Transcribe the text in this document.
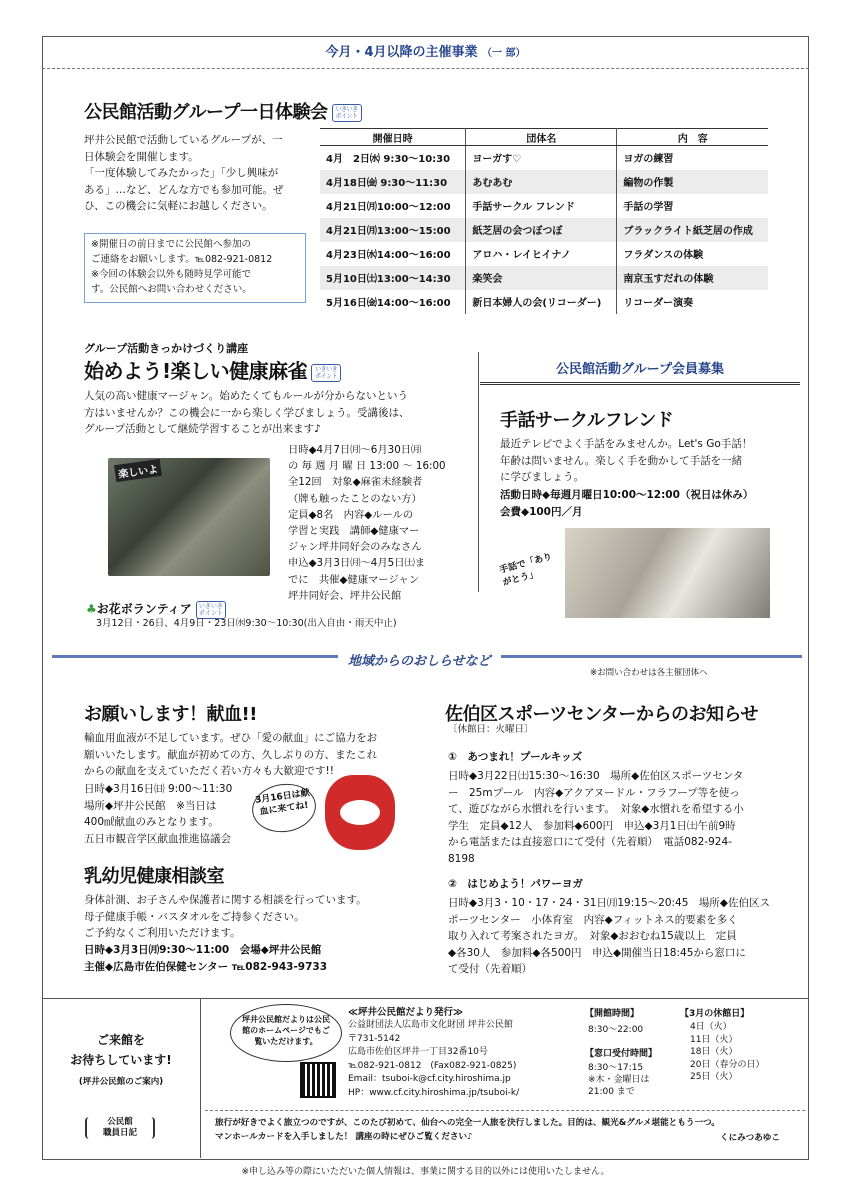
今月・4月以降の主催事業 （一 部）
公民館活動グループ一日体験会 いきいきポイント
坪井公民館で活動しているグループが、一
日体験会を開催します。
「一度体験してみたかった」「少し興味が
ある」…など、どんな方でも参加可能。ぜ
ひ、この機会に気軽にお越しください。
※開催日の前日までに公民館へ参加の
ご連絡をお願いします。℡082-921-0812
※今回の体験会以外も随時見学可能で
す。公民館へお問い合わせください。
開催日時	団体名	内　容
4月　2日㈬ 9:30〜10:30	ヨーガす♡	ヨガの練習
4月18日㈮ 9:30〜11:30	あむあむ	編物の作製
4月21日㈪10:00〜12:00	手話サークル フレンド	手話の学習
4月21日㈪13:00〜15:00	紙芝居の会つぼつぼ	ブラックライト紙芝居の作成
4月23日㈬14:00〜16:00	アロハ・レイヒイナノ	フラダンスの体験
5月10日㈯13:00〜14:30	楽笑会	南京玉すだれの体験
5月16日㈮14:00〜16:00	新日本婦人の会(リコーダー)	リコーダー演奏
グループ活動きっかけづくり講座
始めよう!楽しい健康麻雀 いきいきポイント
人気の高い健康マージャン。始めたくてもルールが分からないという
方はいませんか？この機会に一から楽しく学びましょう。受講後は、
グループ活動として継続学習することが出来ます♪
楽しいよ
日時◆4月7日㈪〜6月30日㈪
の 毎 週 月 曜 日 13:00 〜 16:00
全12回　対象◆麻雀未経験者
（牌も触ったことのない方）
定員◆8名　内容◆ルールの
学習と実践　講師◆健康マー
ジャン坪井同好会のみなさん
申込◆3月3日㈪〜4月5日㈯ま
でに　共催◆健康マージャン
坪井同好会、坪井公民館
♣お花ボランティア いきいきポイント
3月12日・26日、4月9日・23日㈬9:30〜10:30(出入自由・雨天中止)
公民館活動グループ会員募集
手話サークルフレンド
最近テレビでよく手話をみませんか。Let's Go手話！
年齢は問いません。楽しく手を動かして手話を一緒
に学びましょう。
活動日時◆毎週月曜日10:00〜12:00（祝日は休み）
会費◆100円／月
手話で「ありがとう」
地域からのおしらせなど
※お問い合わせは各主催団体へ
お願いします！献血!!
輸血用血液が不足しています。ぜひ「愛の献血」にご協力をお
願いいたします。献血が初めての方、久しぶりの方、またこれ
からの献血を支えていただく若い方々も大歓迎です!!
日時◆3月16日㈰ 9:00〜11:30
場所◆坪井公民館　※当日は
400㎖献血のみとなります。
五日市観音学区献血推進協議会
3月16日は献血に来てね!
乳幼児健康相談室
身体計測、お子さんや保護者に関する相談を行っています。
母子健康手帳・バスタオルをご持参ください。
ご予約なくご利用いただけます。
日時◆3月3日㈪9:30〜11:00　会場◆坪井公民館
主催◆広島市佐伯保健センター ℡082-943-9733
佐伯区スポーツセンターからのお知らせ
〔休館日：火曜日〕
①　あつまれ！プールキッズ
日時◆3月22日㈯15:30〜16:30　場所◆佐伯区スポーツセンタ
ー　25mプール　内容◆アクアヌードル・フラフープ等を使っ
て、遊びながら水慣れを行います。　対象◆水慣れを希望する小
学生　定員◆12人　参加料◆600円　申込◆3月1日㈯午前9時
から電話または直接窓口にて受付（先着順）　電話082-924-
8198
②　はじめよう！パワーヨガ
日時◆3月3・10・17・24・31日㈪19:15〜20:45　場所◆佐伯区ス
ポーツセンター　小体育室　内容◆フィットネス的要素を多く
取り入れて考案されたヨガ。　対象◆おおむね15歳以上　定員
◆各30人　参加料◆各500円　申込◆開催当日18:45から窓口に
て受付（先着順）
ご来館を
お待ちしています!
(坪井公民館のご案内)
公民館
職員日記
坪井公民館だよりは公民館のホームページでもご覧いただけます。
≪坪井公民館だより発行≫
公益財団法人広島市文化財団 坪井公民館
〒731-5142
広島市佐伯区坪井一丁目32番10号
℡082-921-0812　(Fax082-921-0825)
Email：tsuboi-k@cf.city.hiroshima.jp
HP：www.cf.city.hiroshima.jp/tsuboi-k/
【開館時間】
8:30〜22:00
【窓口受付時間】
8:30〜17:15
※木・金曜日は
21:00 まで
【3月の休館日】
4日（火）
11日（火）
18日（火）
20日（春分の日）
25日（火）
旅行が好きでよく旅立つのですが、このたび初めて、仙台への完全一人旅を決行しました。目的は、観光&グルメ堪能ともう一つ。
マンホールカードを入手しました！ 講座の時にぜひご覧ください♪	くにみつあゆこ
※申し込み等の際にいただいた個人情報は、事業に関する目的以外には使用いたしません。
